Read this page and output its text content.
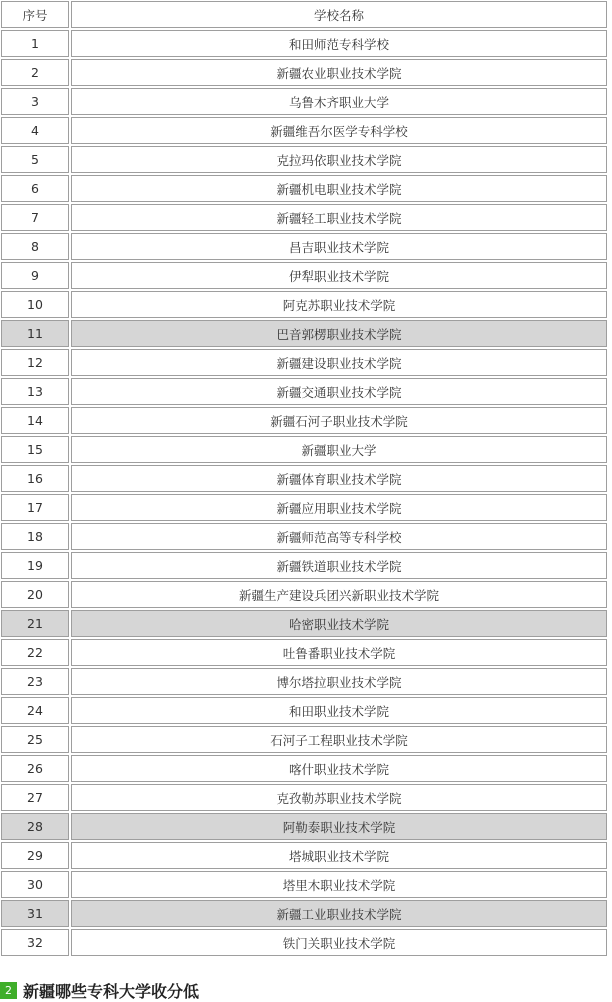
序号	学校名称

1	和田师范专科学校

2	新疆农业职业技术学院

3	乌鲁木齐职业大学

4	新疆维吾尔医学专科学校

5	克拉玛依职业技术学院

6	新疆机电职业技术学院

7	新疆轻工职业技术学院

8	昌吉职业技术学院

9	伊犁职业技术学院

10	阿克苏职业技术学院

11	巴音郭楞职业技术学院

12	新疆建设职业技术学院

13	新疆交通职业技术学院

14	新疆石河子职业技术学院

15	新疆职业大学

16	新疆体育职业技术学院

17	新疆应用职业技术学院

18	新疆师范高等专科学校

19	新疆铁道职业技术学院

20	新疆生产建设兵团兴新职业技术学院

21	哈密职业技术学院

22	吐鲁番职业技术学院

23	博尔塔拉职业技术学院

24	和田职业技术学院

25	石河子工程职业技术学院

26	喀什职业技术学院

27	克孜勒苏职业技术学院

28	阿勒泰职业技术学院

29	塔城职业技术学院

30	塔里木职业技术学院

31	新疆工业职业技术学院

32	铁门关职业技术学院
2 新疆哪些专科大学收分低
